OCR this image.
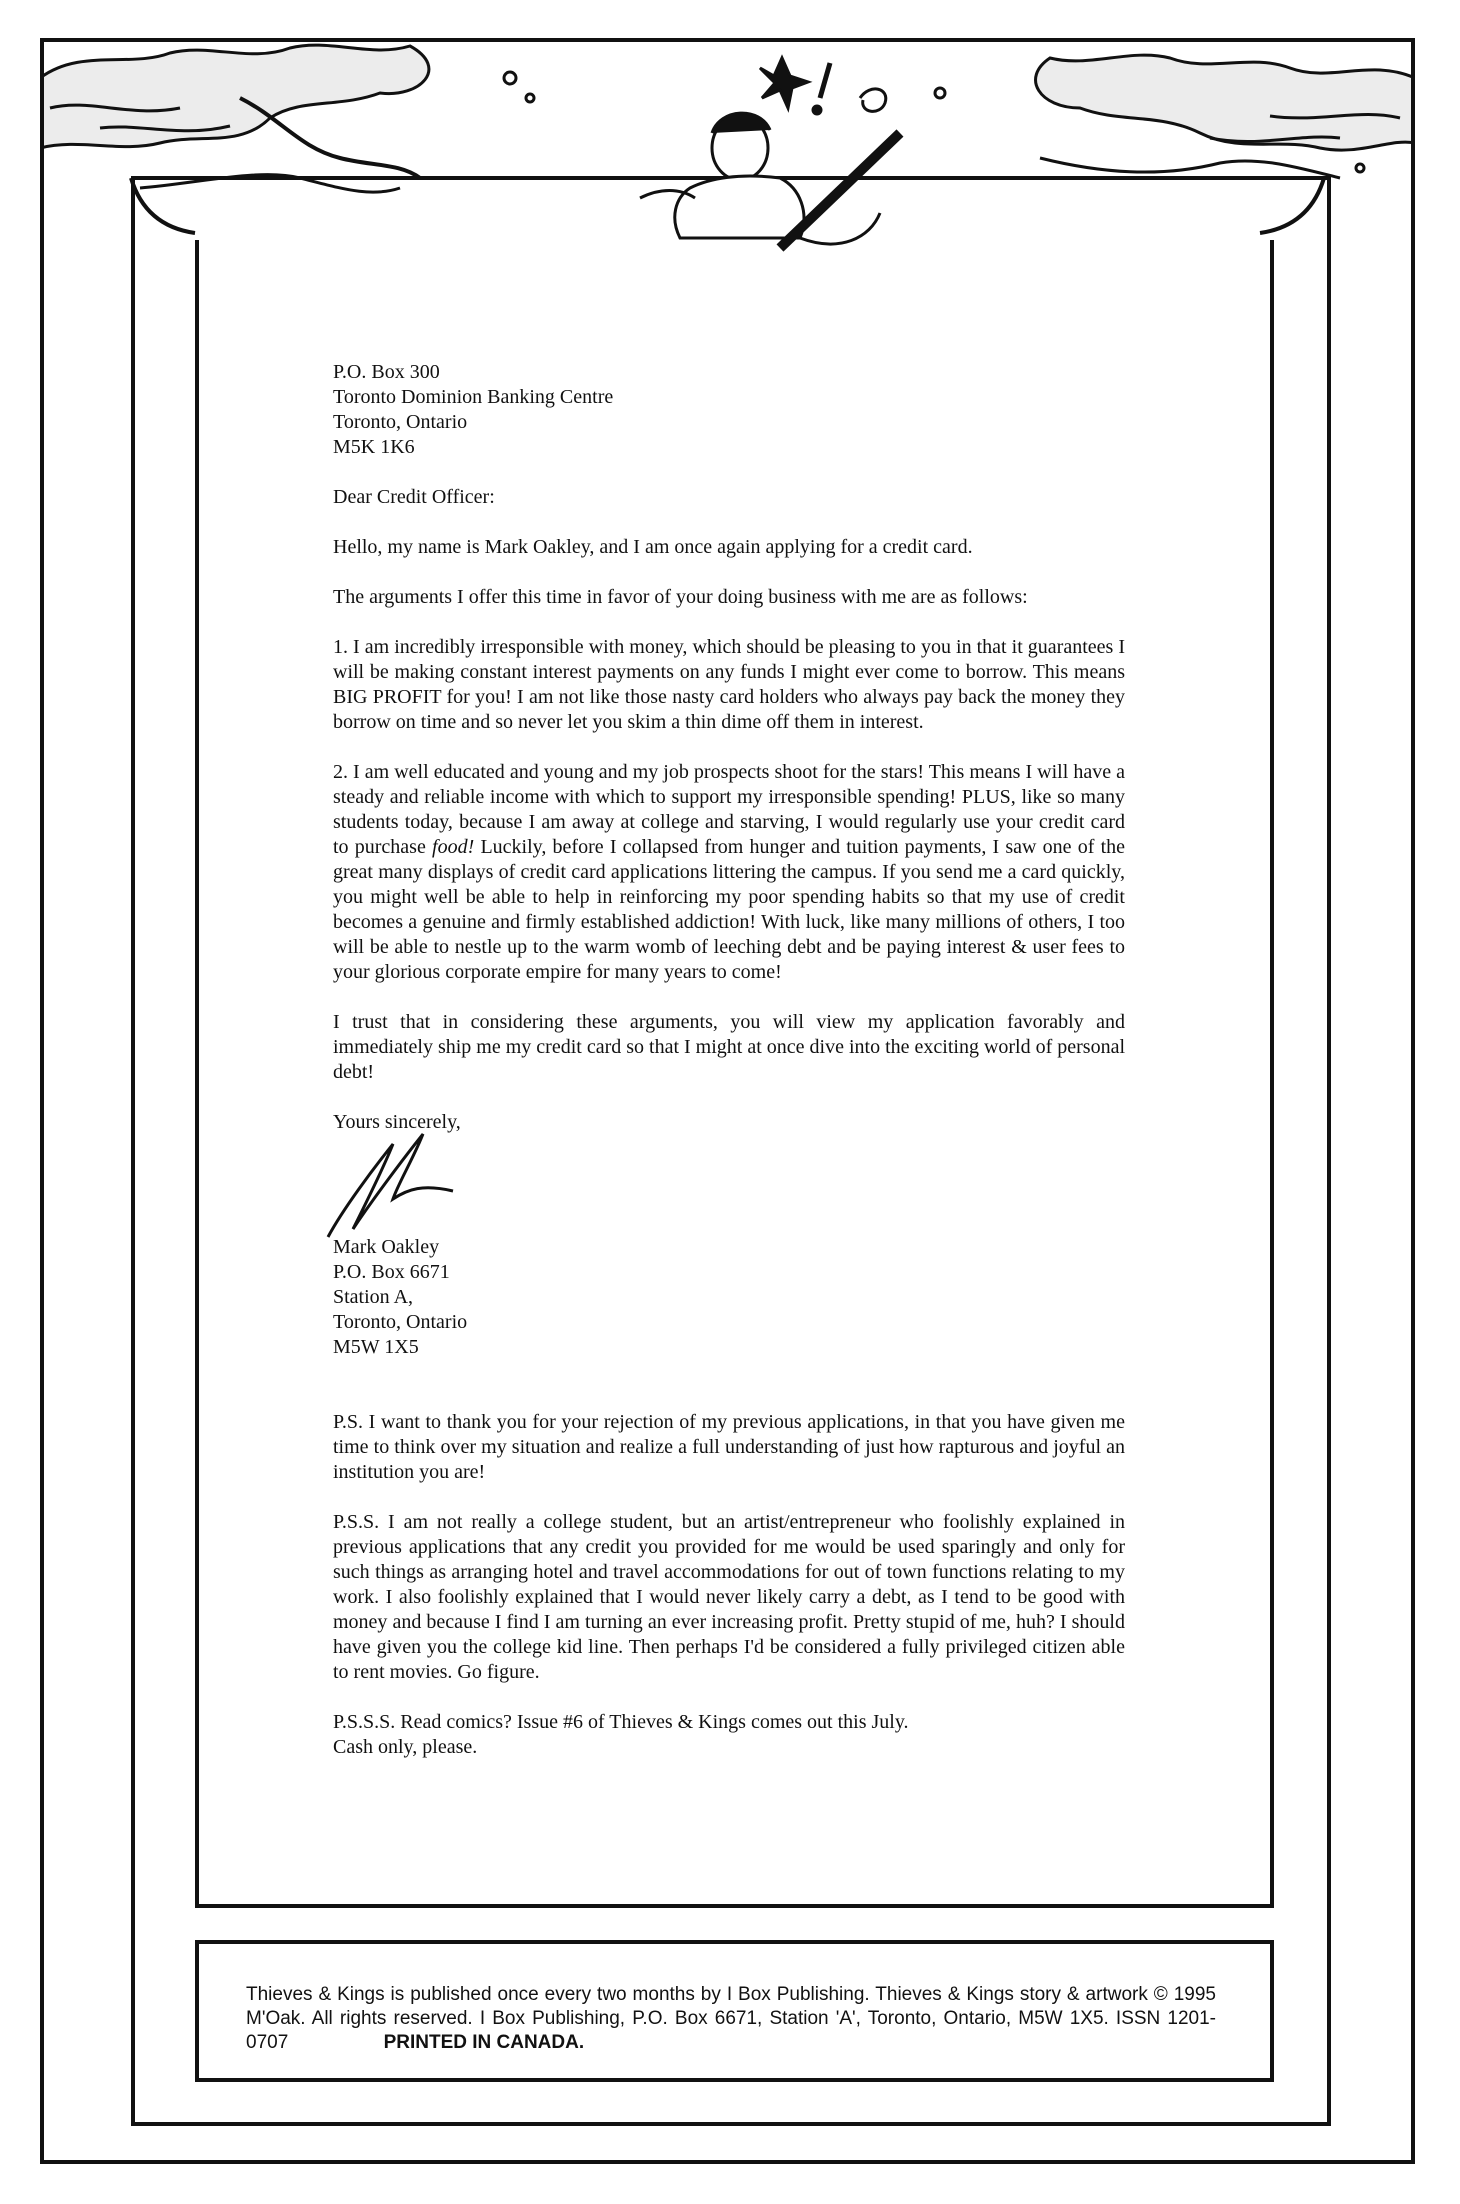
P.O. Box 300

Toronto Dominion Banking Centre

Toronto, Ontario

M5K 1K6

Dear Credit Officer:

Hello, my name is Mark Oakley, and I am once again applying for a credit card.

The arguments I offer this time in favor of your doing business with me are as follows:

1. I am incredibly irresponsible with money, which should be pleasing to you in that it guarantees I will be making constant interest payments on any funds I might ever come to borrow. This means BIG PROFIT for you! I am not like those nasty card holders who always pay back the money they borrow on time and so never let you skim a thin dime off them in interest.

2. I am well educated and young and my job prospects shoot for the stars! This means I will have a steady and reliable income with which to support my irresponsible spending! PLUS, like so many students today, because I am away at college and starving, I would regularly use your credit card to purchase food! Luckily, before I collapsed from hunger and tuition payments, I saw one of the great many displays of credit card applications littering the campus. If you send me a card quickly, you might well be able to help in reinforcing my poor spending habits so that my use of credit becomes a genuine and firmly established addiction! With luck, like many millions of others, I too will be able to nestle up to the warm womb of leeching debt and be paying interest & user fees to your glorious corporate empire for many years to come!

I trust that in considering these arguments, you will view my application favorably and immediately ship me my credit card so that I might at once dive into the exciting world of personal debt!

Yours sincerely,

Mark Oakley

P.O. Box 6671

Station A,

Toronto, Ontario

M5W 1X5

P.S. I want to thank you for your rejection of my previous applications, in that you have given me time to think over my situation and realize a full understanding of just how rapturous and joyful an institution you are!

P.S.S. I am not really a college student, but an artist/entrepreneur who foolishly explained in previous applications that any credit you provided for me would be used sparingly and only for such things as arranging hotel and travel accommodations for out of town functions relating to my work. I also foolishly explained that I would never likely carry a debt, as I tend to be good with money and because I find I am turning an ever increasing profit. Pretty stupid of me, huh? I should have given you the college kid line. Then perhaps I'd be considered a fully privileged citizen able to rent movies. Go figure.

P.S.S.S. Read comics? Issue #6 of Thieves & Kings comes out this July.

Cash only, please.

Thieves & Kings is published once every two months by I Box Publishing. Thieves & Kings story & artwork © 1995 M'Oak. All rights reserved. I Box Publishing, P.O. Box 6671, Station 'A', Toronto, Ontario, M5W 1X5. ISSN 1201-0707	PRINTED IN CANADA.
